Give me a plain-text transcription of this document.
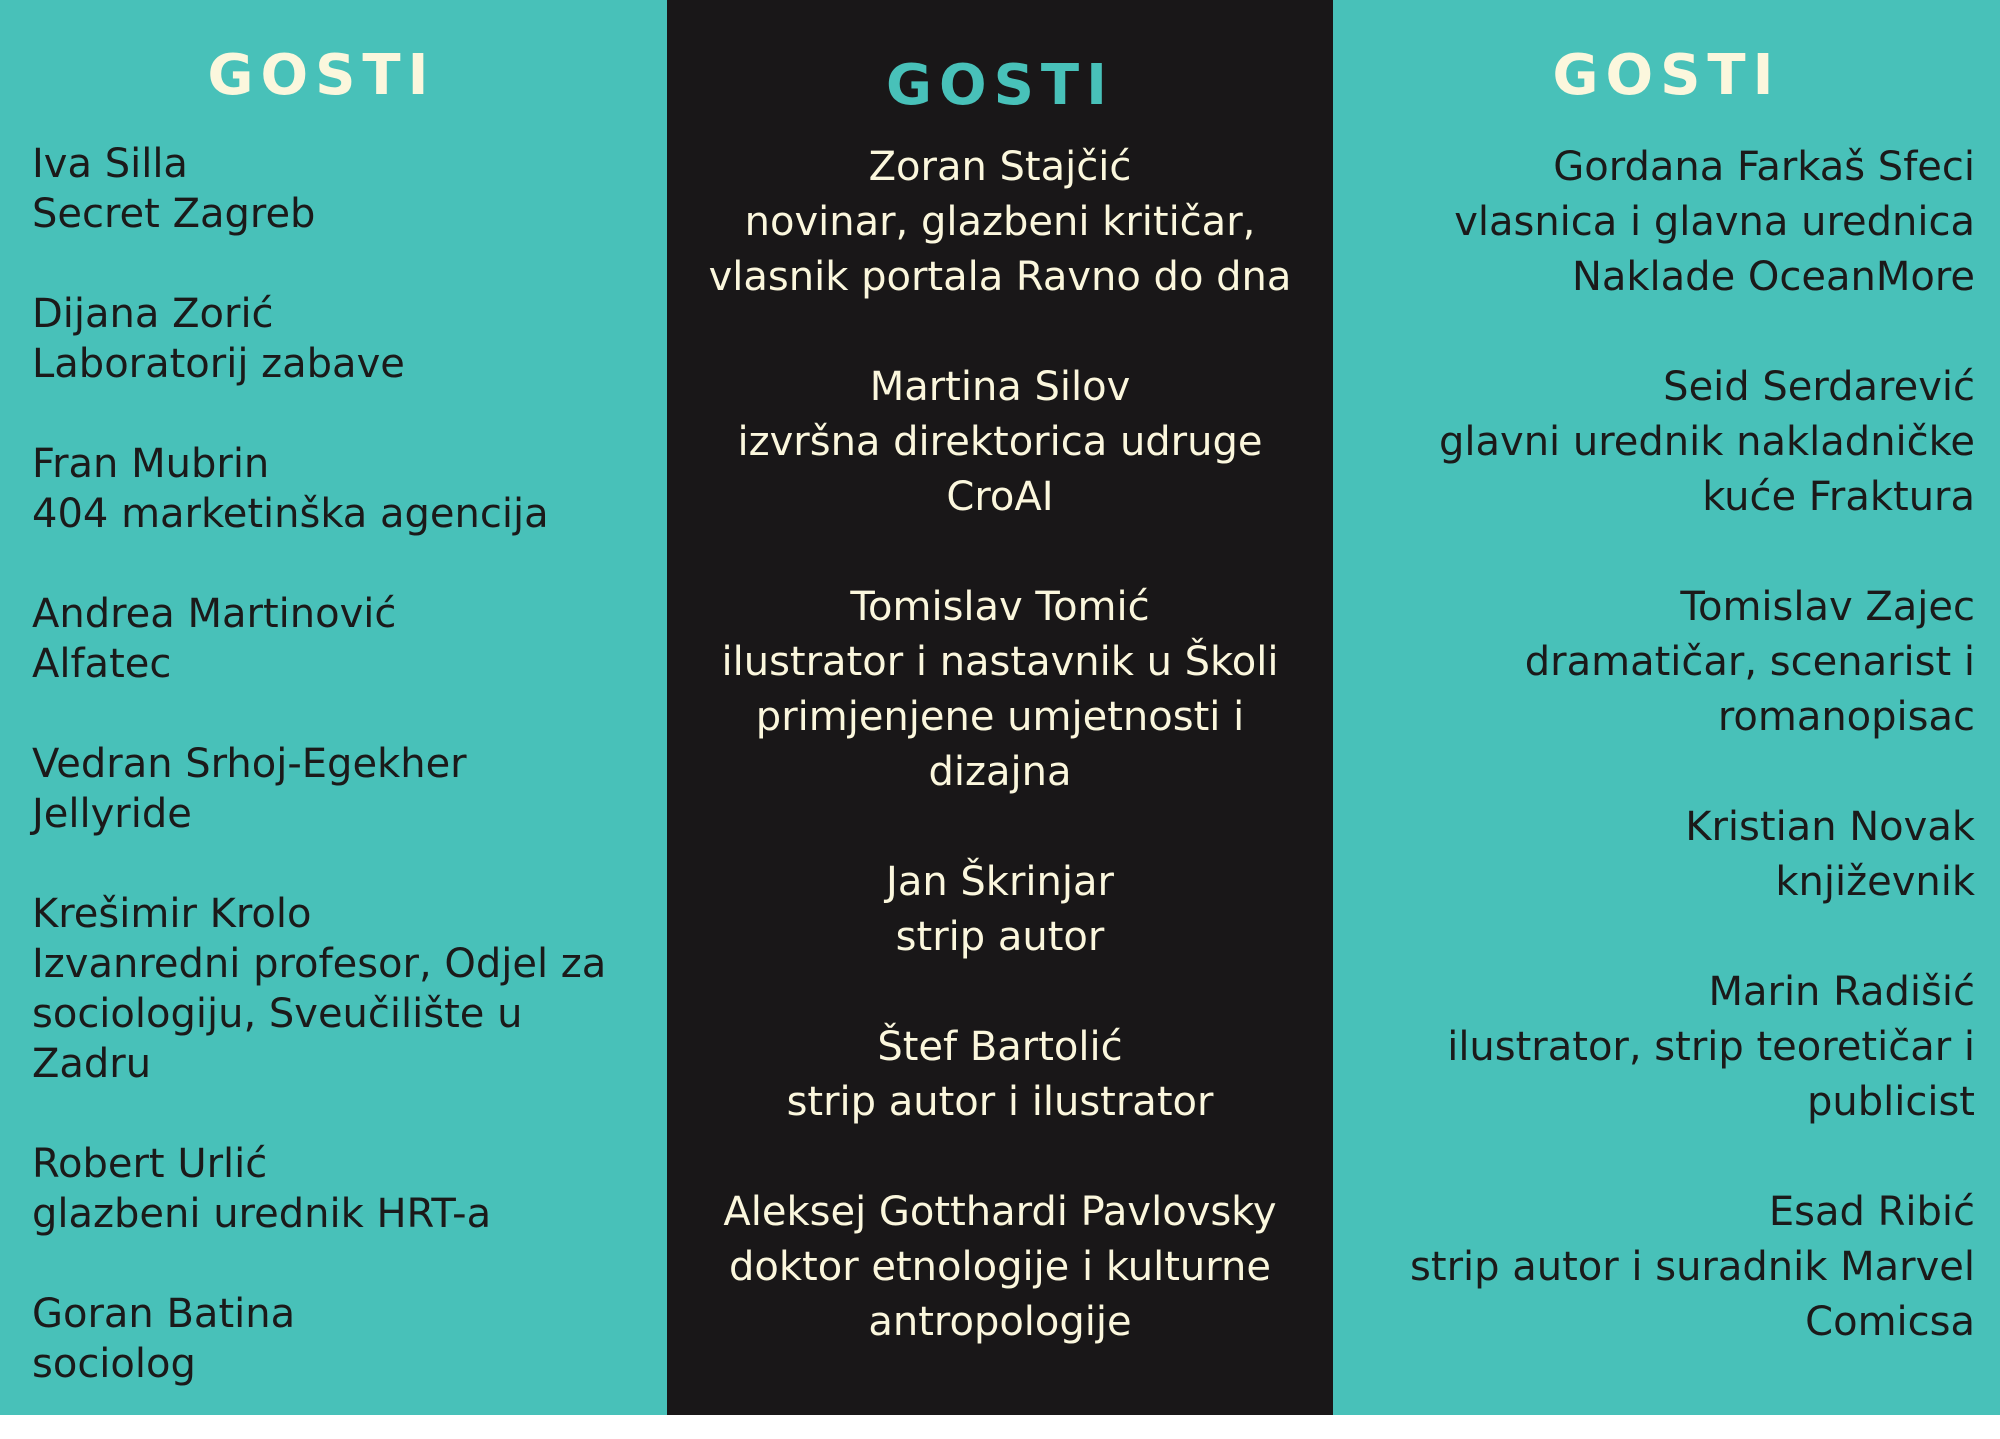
GOSTI
Iva Silla
Secret Zagreb
Dijana Zorić
Laboratorij zabave
Fran Mubrin
404 marketinška agencija
Andrea Martinović
Alfatec
Vedran Srhoj-Egekher
Jellyride
Krešimir Krolo
Izvanredni profesor, Odjel za
sociologiju, Sveučilište u
Zadru
Robert Urlić
glazbeni urednik HRT-a
Goran Batina
sociolog
GOSTI
Zoran Stajčić
novinar, glazbeni kritičar,
vlasnik portala Ravno do dna
Martina Silov
izvršna direktorica udruge
CroAI
Tomislav Tomić
ilustrator i nastavnik u Školi
primjenjene umjetnosti i
dizajna
Jan Škrinjar
strip autor
Štef Bartolić
strip autor i ilustrator
Aleksej Gotthardi Pavlovsky
doktor etnologije i kulturne
antropologije
GOSTI
Gordana Farkaš Sfeci
vlasnica i glavna urednica
Naklade OceanMore
Seid Serdarević
glavni urednik nakladničke
kuće Fraktura
Tomislav Zajec
dramatičar, scenarist i
romanopisac
Kristian Novak
književnik
Marin Radišić
ilustrator, strip teoretičar i
publicist
Esad Ribić
strip autor i suradnik Marvel
Comicsa
